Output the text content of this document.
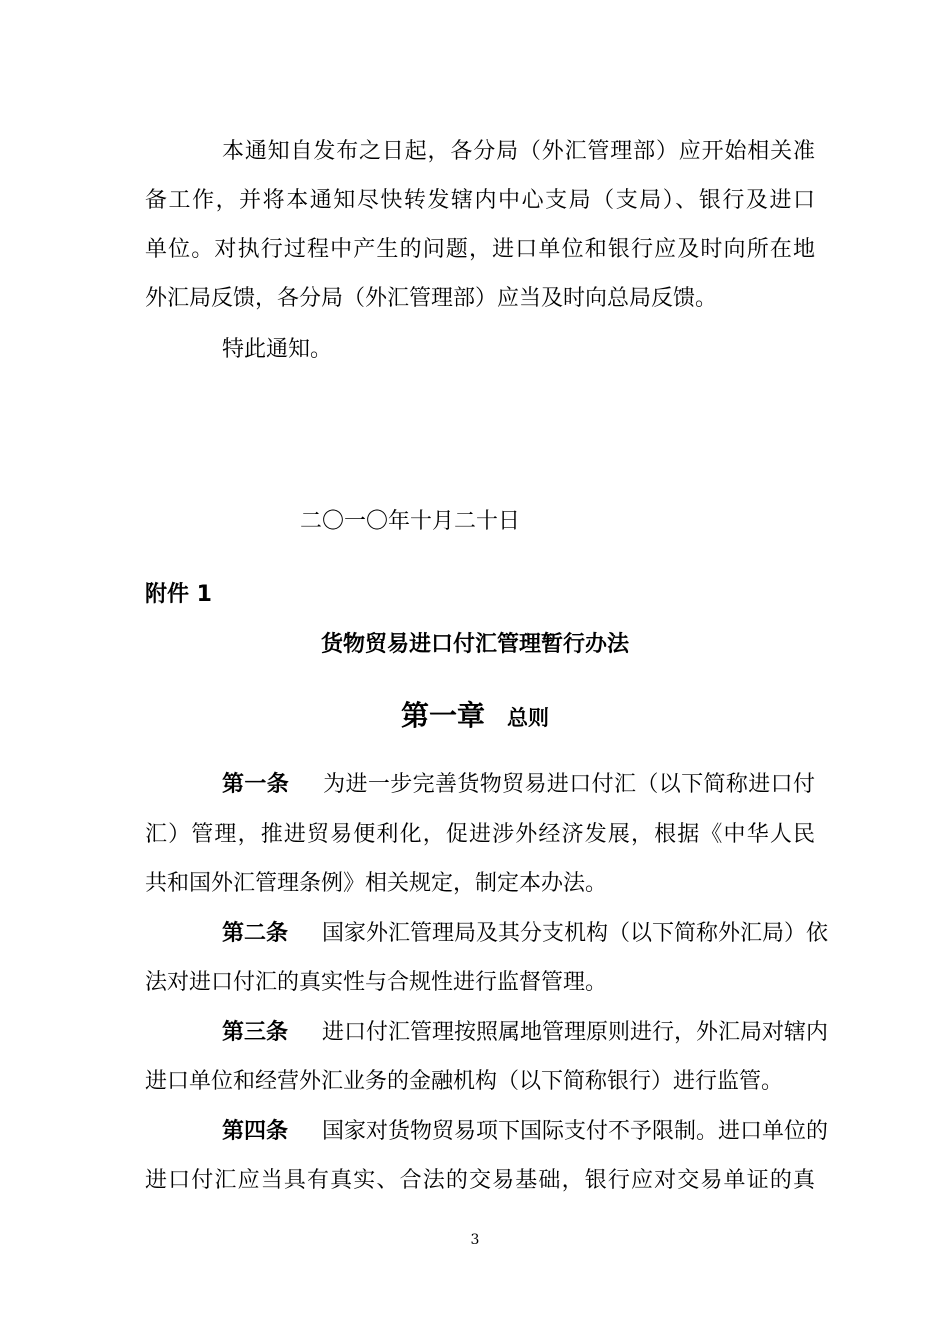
本通知自发布之日起，各分局（外汇管理部）应开始相关准
备工作，并将本通知尽快转发辖内中心支局（支局）、银行及进口
单位。对执行过程中产生的问题，进口单位和银行应及时向所在地
外汇局反馈，各分局（外汇管理部）应当及时向总局反馈。
特此通知。
二〇一〇年十月二十日
附件 1
货物贸易进口付汇管理暂行办法
第一章 总则
第一条 为进一步完善货物贸易进口付汇（以下简称进口付
汇）管理，推进贸易便利化，促进涉外经济发展，根据《中华人民
共和国外汇管理条例》相关规定，制定本办法。
第二条 国家外汇管理局及其分支机构（以下简称外汇局）依
法对进口付汇的真实性与合规性进行监督管理。
第三条 进口付汇管理按照属地管理原则进行，外汇局对辖内
进口单位和经营外汇业务的金融机构（以下简称银行）进行监管。
第四条 国家对货物贸易项下国际支付不予限制。进口单位的
进口付汇应当具有真实、合法的交易基础，银行应对交易单证的真
3
